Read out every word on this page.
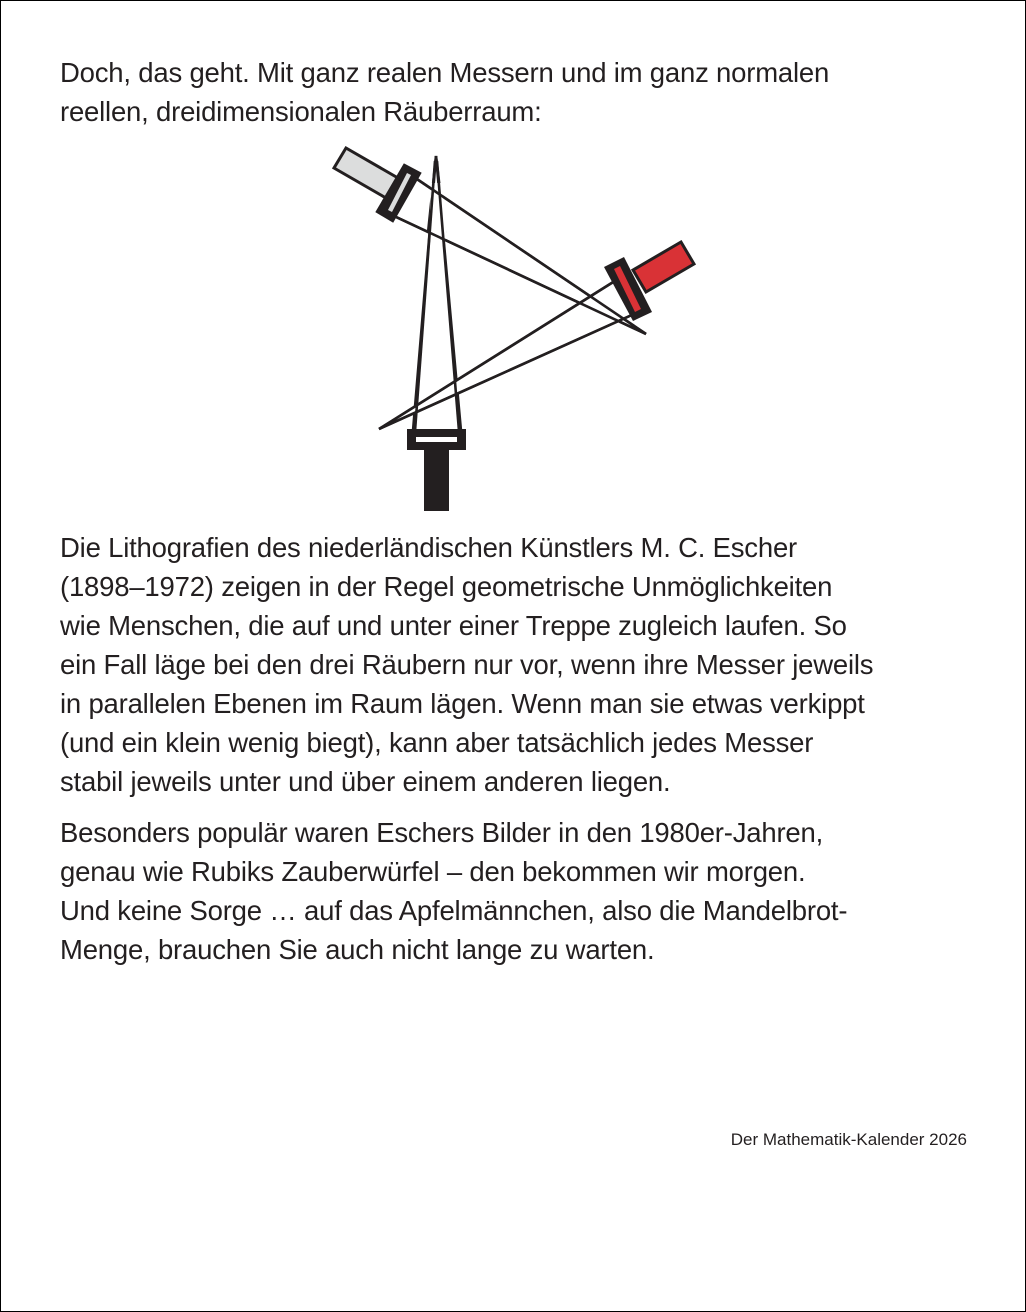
Doch, das geht. Mit ganz realen Messern und im ganz normalen
reellen, dreidimensionalen Räuberraum:

Die Lithografien des niederländischen Künstlers M. C. Escher
(1898–1972) zeigen in der Regel geometrische Unmöglichkeiten
wie Menschen, die auf und unter einer Treppe zugleich laufen. So
ein Fall läge bei den drei Räubern nur vor, wenn ihre Messer jeweils
in parallelen Ebenen im Raum lägen. Wenn man sie etwas verkippt
(und ein klein wenig biegt), kann aber tatsächlich jedes Messer
stabil jeweils unter und über einem anderen liegen.

Besonders populär waren Eschers Bilder in den 1980er-Jahren,
genau wie Rubiks Zauberwürfel – den bekommen wir morgen.
Und keine Sorge … auf das Apfelmännchen, also die Mandelbrot-
Menge, brauchen Sie auch nicht lange zu warten.

Der Mathematik-Kalender 2026
